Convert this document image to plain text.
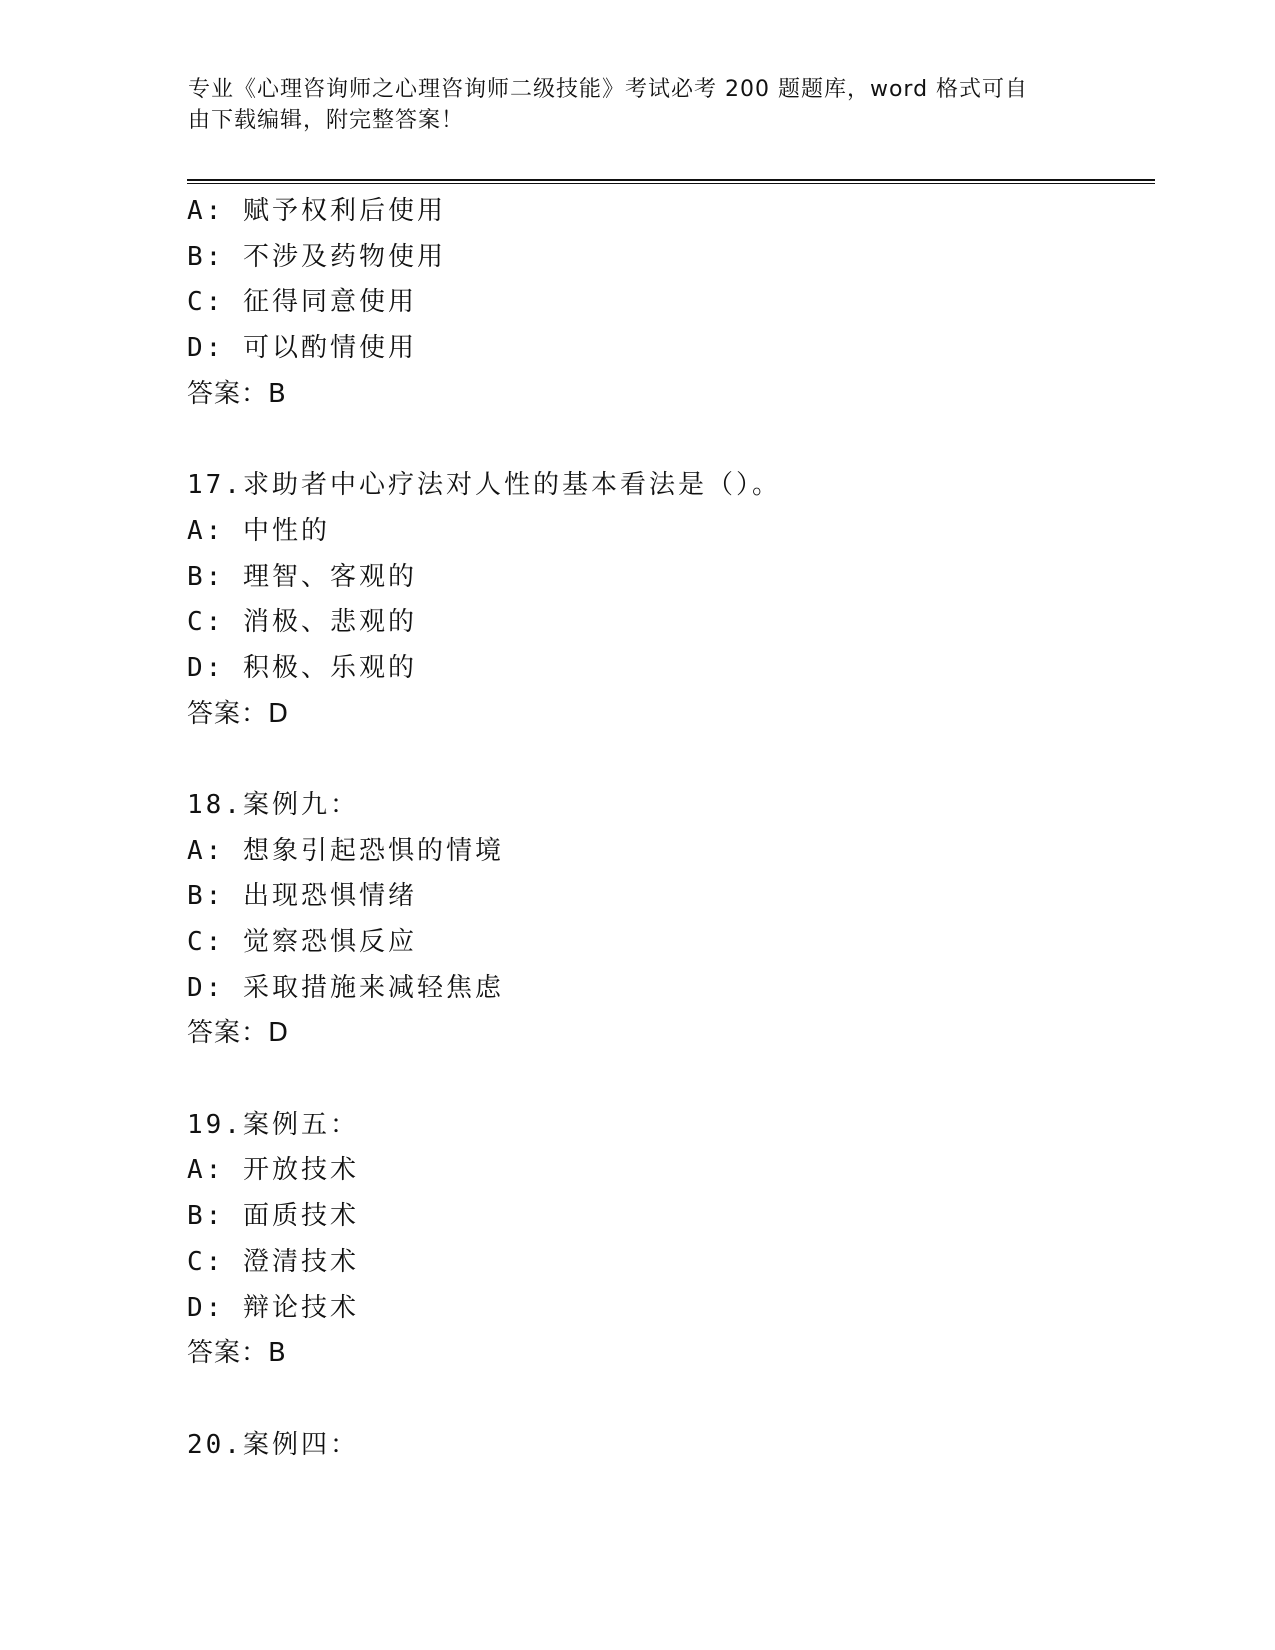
专业《心理咨询师之心理咨询师二级技能》考试必考 200 题题库，word 格式可自
由下载编辑，附完整答案！
A: 赋予权利后使用
B: 不涉及药物使用
C: 征得同意使用
D: 可以酌情使用
答案：B
17.求助者中心疗法对人性的基本看法是（）。
A: 中性的
B: 理智、客观的
C: 消极、悲观的
D: 积极、乐观的
答案：D
18.案例九：
A: 想象引起恐惧的情境
B: 出现恐惧情绪
C: 觉察恐惧反应
D: 采取措施来减轻焦虑
答案：D
19.案例五：
A: 开放技术
B: 面质技术
C: 澄清技术
D: 辩论技术
答案：B
20.案例四：
